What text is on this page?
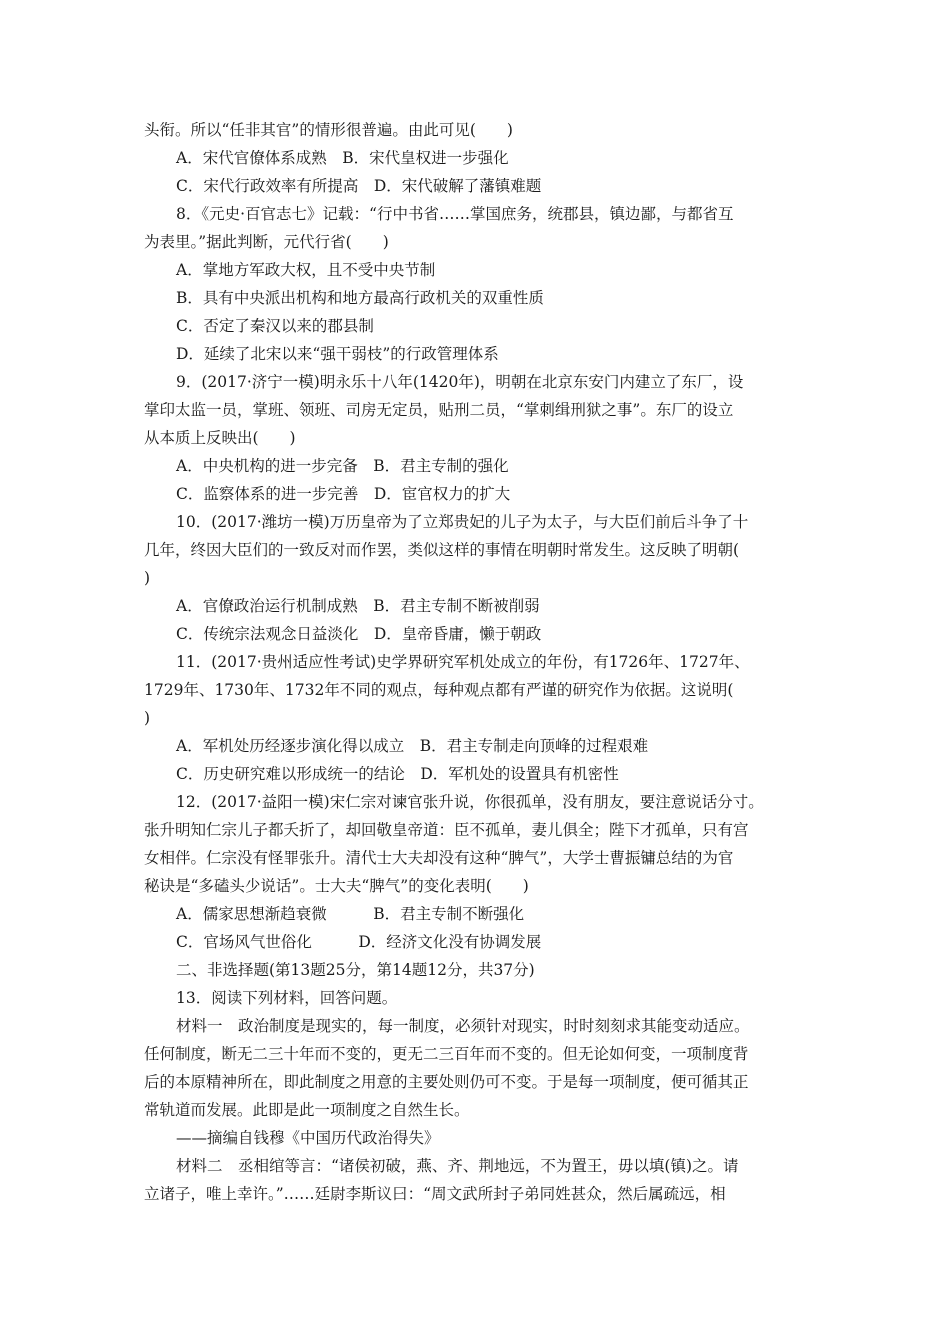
头衔。所以“任非其官”的情形很普遍。由此可见(　　)
A．宋代官僚体系成熟　B．宋代皇权进一步强化
C．宋代行政效率有所提高　D．宋代破解了藩镇难题
8．《元史·百官志七》记载：“行中书省……掌国庶务，统郡县，镇边鄙，与都省互
为表里。”据此判断，元代行省(　　)
A．掌地方军政大权，且不受中央节制
B．具有中央派出机构和地方最高行政机关的双重性质
C．否定了秦汉以来的郡县制
D．延续了北宋以来“强干弱枝”的行政管理体系
9．(2017·济宁一模)明永乐十八年(1420年)，明朝在北京东安门内建立了东厂，设
掌印太监一员，掌班、领班、司房无定员，贴刑二员，“掌刺缉刑狱之事”。东厂的设立
从本质上反映出(　　)
A．中央机构的进一步完备　B．君主专制的强化
C．监察体系的进一步完善　D．宦官权力的扩大
10．(2017·潍坊一模)万历皇帝为了立郑贵妃的儿子为太子，与大臣们前后斗争了十
几年，终因大臣们的一致反对而作罢，类似这样的事情在明朝时常发生。这反映了明朝(
)
A．官僚政治运行机制成熟　B．君主专制不断被削弱
C．传统宗法观念日益淡化　D．皇帝昏庸，懒于朝政
11．(2017·贵州适应性考试)史学界研究军机处成立的年份，有1726年、1727年、
1729年、1730年、1732年不同的观点，每种观点都有严谨的研究作为依据。这说明(
)
A．军机处历经逐步演化得以成立　B．君主专制走向顶峰的过程艰难
C．历史研究难以形成统一的结论　D．军机处的设置具有机密性
12．(2017·益阳一模)宋仁宗对谏官张升说，你很孤单，没有朋友，要注意说话分寸。
张升明知仁宗儿子都夭折了，却回敬皇帝道：臣不孤单，妻儿俱全；陛下才孤单，只有宫
女相伴。仁宗没有怪罪张升。清代士大夫却没有这种“脾气”，大学士曹振镛总结的为官
秘诀是“多磕头少说话”。士大夫“脾气”的变化表明(　　)
A．儒家思想渐趋衰微　　　B．君主专制不断强化
C．官场风气世俗化　　　D．经济文化没有协调发展
二、非选择题(第13题25分，第14题12分，共37分)
13．阅读下列材料，回答问题。
材料一　政治制度是现实的，每一制度，必须针对现实，时时刻刻求其能变动适应。
任何制度，断无二三十年而不变的，更无二三百年而不变的。但无论如何变，一项制度背
后的本原精神所在，即此制度之用意的主要处则仍可不变。于是每一项制度，便可循其正
常轨道而发展。此即是此一项制度之自然生长。
——摘编自钱穆《中国历代政治得失》
材料二　丞相绾等言：“诸侯初破，燕、齐、荆地远，不为置王，毋以填(镇)之。请
立诸子，唯上幸许。”……廷尉李斯议曰：“周文武所封子弟同姓甚众，然后属疏远，相
